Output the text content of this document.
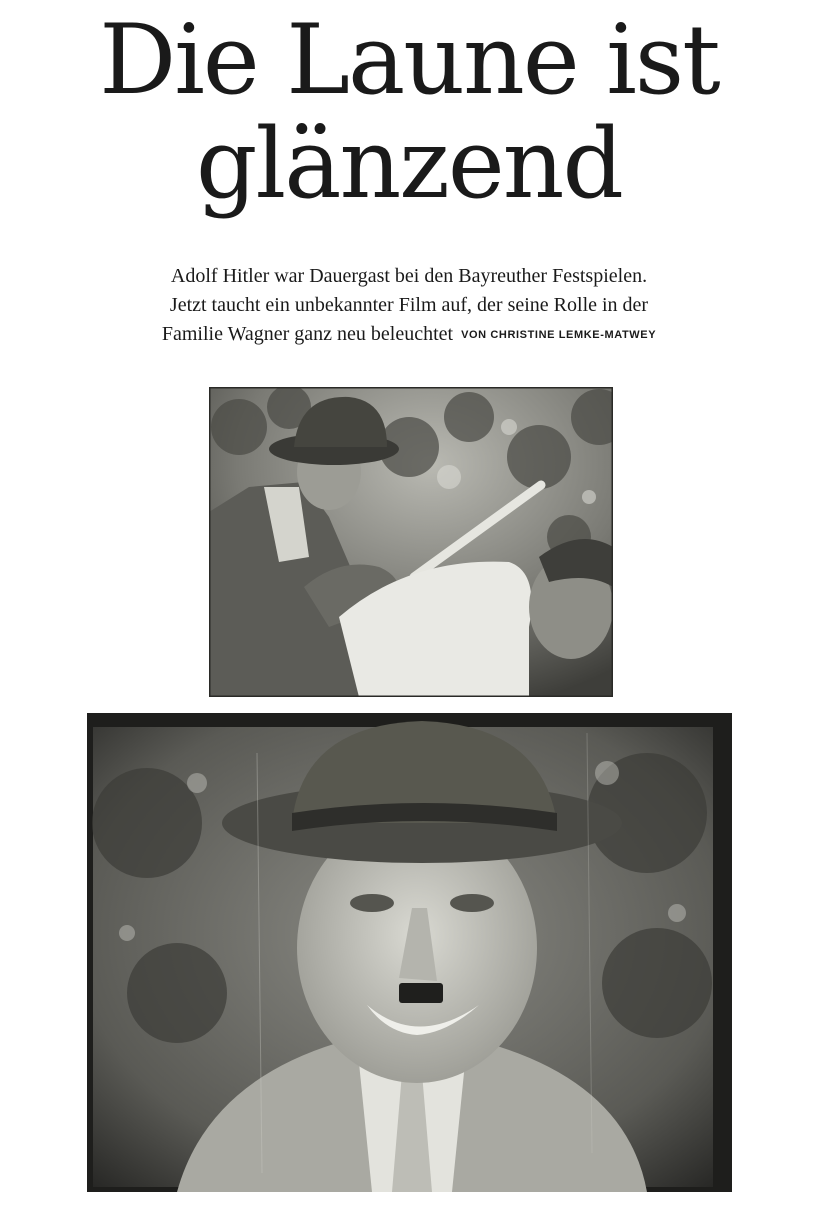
Die Laune ist
glänzend

Adolf Hitler war Dauergast bei den Bayreuther Festspielen.
Jetzt taucht ein unbekannter Film auf, der seine Rolle in der
Familie Wagner ganz neu beleuchtet VON CHRISTINE LEMKE-MATWEY
